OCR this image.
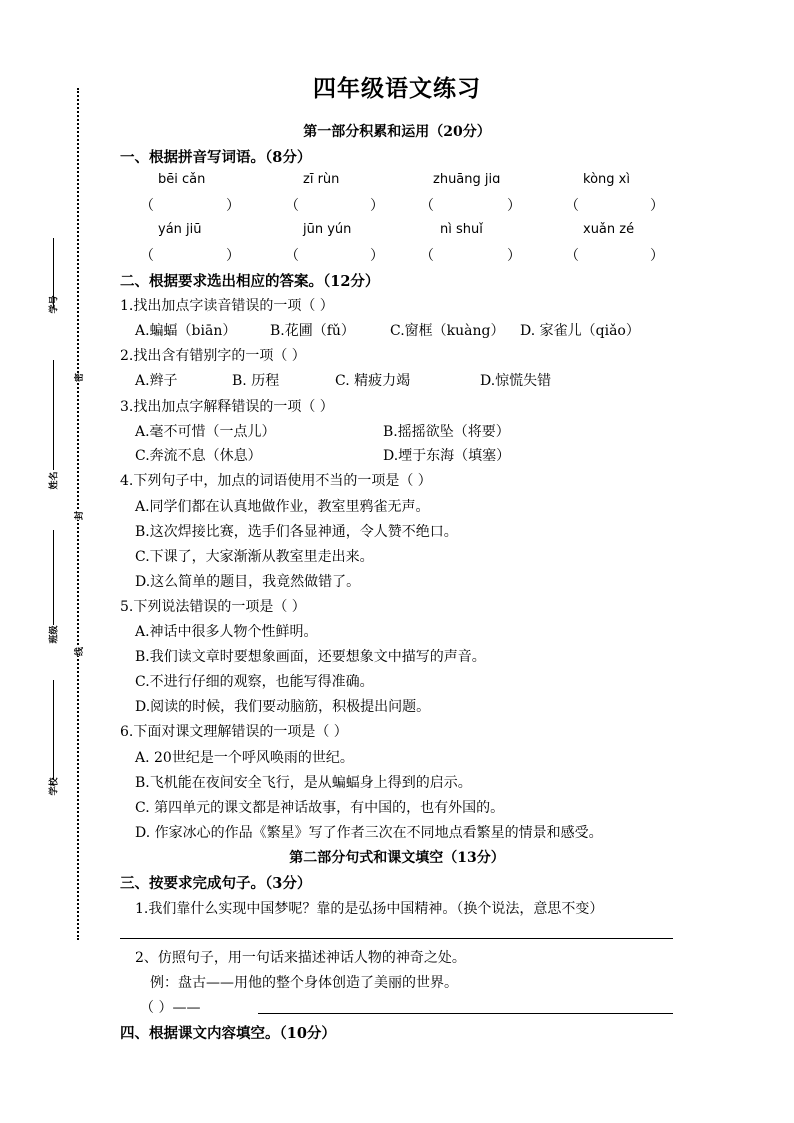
学号
姓名
班级
学校
密
封
线
四年级语文练习
第一部分积累和运用（20分）
一、根据拼音写词语。（8分）
bēi cǎn	zī rùn	zhuāng jiɑ	kòng xì
（	）	（	）	（	）	（	）
yán jiū	jūn yún	nì shuǐ	xuǎn zé
（	）	（	）	（	）	（	）
二、根据要求选出相应的答案。（12分）
1.找出加点字读音错误的一项（ ）
A.蝙蝠（biān） B.花圃（fǔ）	C.窗框（kuàng） D. 家雀儿（qiǎo）
2.找出含有错别字的一项（ ）
A.辫子	B. 历程	C. 精疲力竭	D.惊慌失错
3.找出加点字解释错误的一项（ ）
A.毫不可惜（一点儿）	B.摇摇欲坠（将要）
C.奔流不息（休息）	D.堙于东海（填塞）
4.下列句子中，加点的词语使用不当的一项是（ ）
A.同学们都在认真地做作业，教室里鸦雀无声。
B.这次焊接比赛，选手们各显神通，令人赞不绝口。
C.下课了，大家渐渐从教室里走出来。
D.这么简单的题目，我竟然做错了。
5.下列说法错误的一项是（ ）
A.神话中很多人物个性鲜明。
B.我们读文章时要想象画面，还要想象文中描写的声音。
C.不进行仔细的观察，也能写得准确。
D.阅读的时候，我们要动脑筋，积极提出问题。
6.下面对课文理解错误的一项是（ ）
A. 20世纪是一个呼风唤雨的世纪。
B.飞机能在夜间安全飞行，是从蝙蝠身上得到的启示。
C. 第四单元的课文都是神话故事，有中国的，也有外国的。
D. 作家冰心的作品《繁星》写了作者三次在不同地点看繁星的情景和感受。
第二部分句式和课文填空（13分）
三、按要求完成句子。（3分）
1.我们靠什么实现中国梦呢？靠的是弘扬中国精神。（换个说法，意思不变）
2、仿照句子，用一句话来描述神话人物的神奇之处。
例：盘古——用他的整个身体创造了美丽的世界。
（ ）——
四、根据课文内容填空。（10分）
